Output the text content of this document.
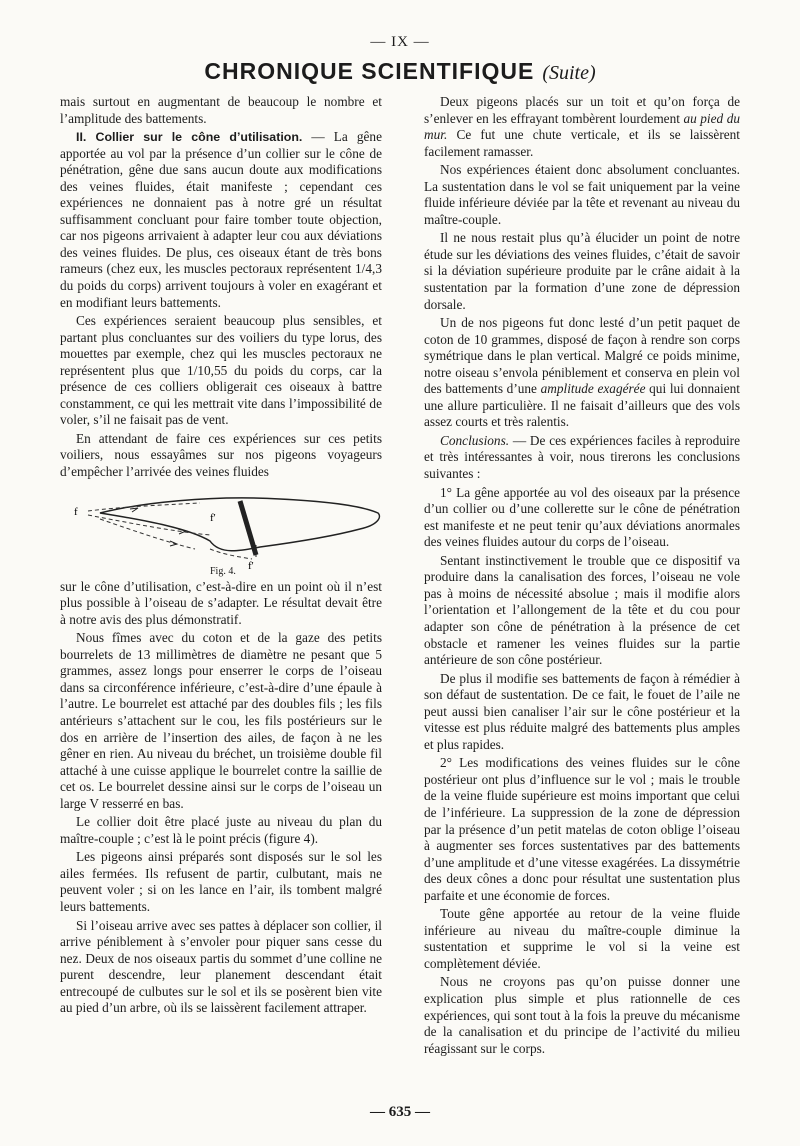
— IX —
CHRONIQUE SCIENTIFIQUE (Suite)

mais surtout en augmentant de beaucoup le nombre et l’amplitude des battements.

II. Collier sur le cône d’utilisation. — La gêne apportée au vol par la présence d’un collier sur le cône de pénétration, gêne due sans aucun doute aux modifications des veines fluides, était manifeste ; cependant ces expériences ne donnaient pas à notre gré un résultat suffisamment concluant pour faire tomber toute objection, car nos pigeons arrivaient à adapter leur cou aux déviations des veines fluides. De plus, ces oiseaux étant de très bons rameurs (chez eux, les muscles pectoraux représentent 1/4,3 du poids du corps) arrivent toujours à voler en exagérant et en modifiant leurs battements.

Ces expériences seraient beaucoup plus sensibles, et partant plus concluantes sur des voiliers du type lorus, des mouettes par exemple, chez qui les muscles pectoraux ne représentent plus que 1/10,55 du poids du corps, car la présence de ces colliers obligerait ces oiseaux à battre constamment, ce qui les mettrait vite dans l’impossibilité de voler, s’il ne faisait pas de vent.

En attendant de faire ces expériences sur ces petits voiliers, nous essayâmes sur nos pigeons voyageurs d’empêcher l’arrivée des veines fluides

f	f'
f'
Fig. 4.

sur le cône d’utilisation, c’est-à-dire en un point où il n’est plus possible à l’oiseau de s’adapter. Le résultat devait être à notre avis des plus démonstratif.

Nous fîmes avec du coton et de la gaze des petits bourrelets de 13 millimètres de diamètre ne pesant que 5 grammes, assez longs pour enserrer le corps de l’oiseau dans sa circonférence inférieure, c’est-à-dire d’une épaule à l’autre. Le bourrelet est attaché par des doubles fils ; les fils antérieurs s’attachent sur le cou, les fils postérieurs sur le dos en arrière de l’insertion des ailes, de façon à ne les gêner en rien. Au niveau du bréchet, un troisième double fil attaché à une cuisse applique le bourrelet contre la saillie de cet os. Le bourrelet dessine ainsi sur le corps de l’oiseau un large V resserré en bas.

Le collier doit être placé juste au niveau du plan du maître-couple ; c’est là le point précis (figure 4).

Les pigeons ainsi préparés sont disposés sur le sol les ailes fermées. Ils refusent de partir, culbutant, mais ne peuvent voler ; si on les lance en l’air, ils tombent malgré leurs battements.

Si l’oiseau arrive avec ses pattes à déplacer son collier, il arrive péniblement à s’envoler pour piquer sans cesse du nez. Deux de nos oiseaux partis du sommet d’une colline ne purent descendre, leur planement descendant était entrecoupé de culbutes sur le sol et ils se posèrent bien vite au pied d’un arbre, où ils se laissèrent facilement attraper.

Deux pigeons placés sur un toit et qu’on força de s’enlever en les effrayant tombèrent lourdement au pied du mur. Ce fut une chute verticale, et ils se laissèrent facilement ramasser.

Nos expériences étaient donc absolument concluantes. La sustentation dans le vol se fait uniquement par la veine fluide inférieure déviée par la tête et revenant au niveau du maître-couple.

Il ne nous restait plus qu’à élucider un point de notre étude sur les déviations des veines fluides, c’était de savoir si la déviation supérieure produite par le crâne aidait à la sustentation par la formation d’une zone de dépression dorsale.

Un de nos pigeons fut donc lesté d’un petit paquet de coton de 10 grammes, disposé de façon à rendre son corps symétrique dans le plan vertical. Malgré ce poids minime, notre oiseau s’envola péniblement et conserva en plein vol des battements d’une amplitude exagérée qui lui donnaient une allure particulière. Il ne faisait d’ailleurs que des vols assez courts et très ralentis.

Conclusions. — De ces expériences faciles à reproduire et très intéressantes à voir, nous tirerons les conclusions suivantes :

1° La gêne apportée au vol des oiseaux par la présence d’un collier ou d’une collerette sur le cône de pénétration est manifeste et ne peut tenir qu’aux déviations anormales des veines fluides autour du corps de l’oiseau.

Sentant instinctivement le trouble que ce dispositif va produire dans la canalisation des forces, l’oiseau ne vole pas à moins de nécessité absolue ; mais il modifie alors l’orientation et l’allongement de la tête et du cou pour adapter son cône de pénétration à la présence de cet obstacle et ramener les veines fluides sur la partie antérieure de son cône postérieur.

De plus il modifie ses battements de façon à rémédier à son défaut de sustentation. De ce fait, le fouet de l’aile ne peut aussi bien canaliser l’air sur le cône postérieur et la vitesse est plus réduite malgré des battements plus amples et plus rapides.

2° Les modifications des veines fluides sur le cône postérieur ont plus d’influence sur le vol ; mais le trouble de la veine fluide supérieure est moins important que celui de l’inférieure. La suppression de la zone de dépression par la présence d’un petit matelas de coton oblige l’oiseau à augmenter ses forces sustentatives par des battements d’une amplitude et d’une vitesse exagérées. La dissymétrie des deux cônes a donc pour résultat une sustentation plus parfaite et une économie de forces.

Toute gêne apportée au retour de la veine fluide inférieure au niveau du maître-couple diminue la sustentation et supprime le vol si la veine est complètement déviée.

Nous ne croyons pas qu’on puisse donner une explication plus simple et plus rationnelle de ces expériences, qui sont tout à la fois la preuve du mécanisme de la canalisation et du principe de l’activité du milieu réagissant sur le corps.

— 635 —
